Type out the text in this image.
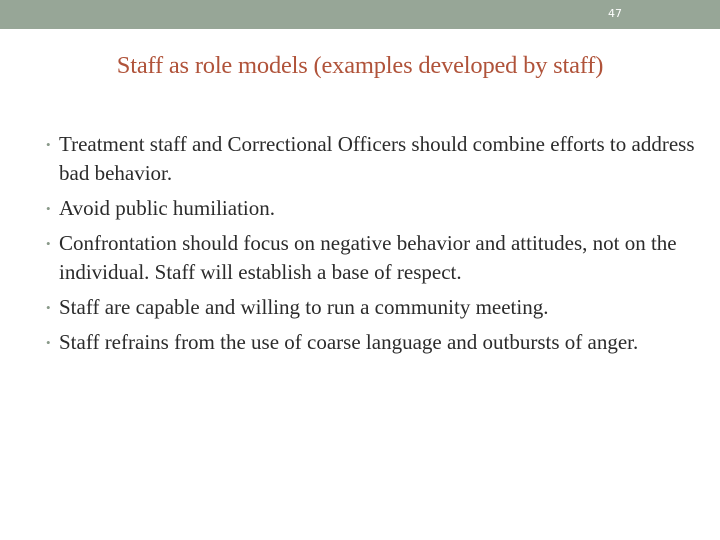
47
Staff as role models (examples developed by staff)
• Treatment staff and Correctional Officers should combine efforts to address bad behavior.
• Avoid public humiliation.
• Confrontation should focus on negative behavior and attitudes, not on the individual. Staff will establish a base of respect.
• Staff are capable and willing to run a community meeting.
• Staff refrains from the use of coarse language and outbursts of anger.
